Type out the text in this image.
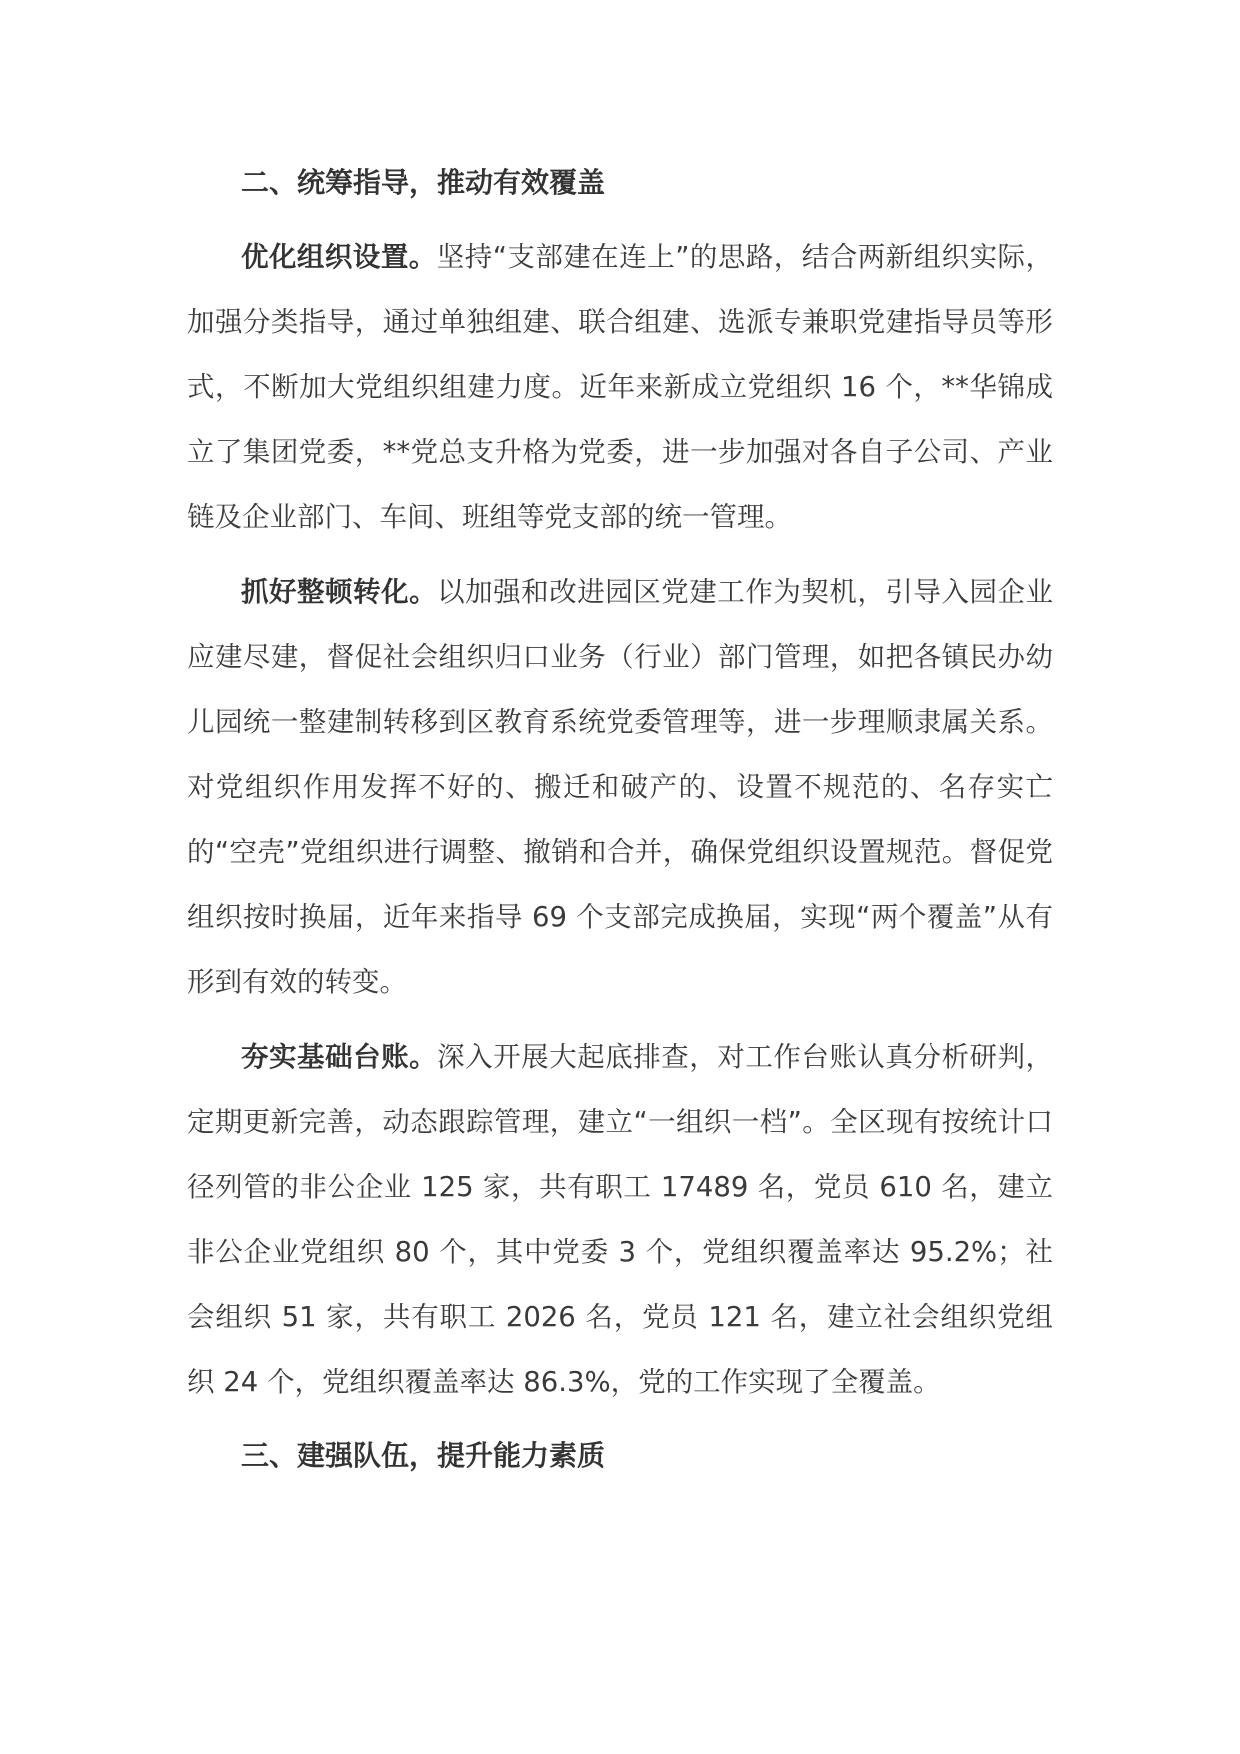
二、统筹指导，推动有效覆盖

优化组织设置。坚持“支部建在连上”的思路，结合两新组织实际，加强分类指导，通过单独组建、联合组建、选派专兼职党建指导员等形式，不断加大党组织组建力度。近年来新成立党组织 16 个，**华锦成立了集团党委，**党总支升格为党委，进一步加强对各自子公司、产业链及企业部门、车间、班组等党支部的统一管理。

抓好整顿转化。以加强和改进园区党建工作为契机，引导入园企业应建尽建，督促社会组织归口业务（行业）部门管理，如把各镇民办幼儿园统一整建制转移到区教育系统党委管理等，进一步理顺隶属关系。对党组织作用发挥不好的、搬迁和破产的、设置不规范的、名存实亡的“空壳”党组织进行调整、撤销和合并，确保党组织设置规范。督促党组织按时换届，近年来指导 69 个支部完成换届，实现“两个覆盖”从有形到有效的转变。

夯实基础台账。深入开展大起底排查，对工作台账认真分析研判，定期更新完善，动态跟踪管理，建立“一组织一档”。全区现有按统计口径列管的非公企业 125 家，共有职工 17489 名，党员 610 名，建立非公企业党组织 80 个，其中党委 3 个，党组织覆盖率达 95.2%；社会组织 51 家，共有职工 2026 名，党员 121 名，建立社会组织党组织 24 个，党组织覆盖率达 86.3%，党的工作实现了全覆盖。

三、建强队伍，提升能力素质
